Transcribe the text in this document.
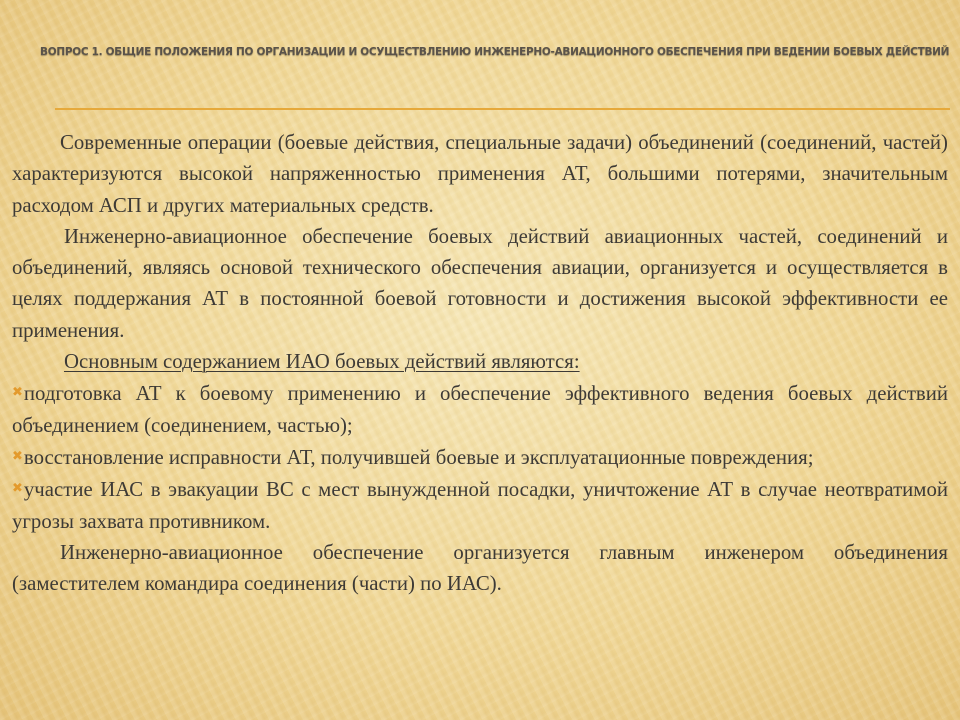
ВОПРОС 1. ОБЩИЕ ПОЛОЖЕНИЯ ПО ОРГАНИЗАЦИИ И ОСУЩЕСТВЛЕНИЮ ИНЖЕНЕРНО-АВИАЦИОННОГО ОБЕСПЕЧЕНИЯ ПРИ ВЕДЕНИИ БОЕВЫХ ДЕЙСТВИЙ

Современные операции (боевые действия, специальные задачи) объединений (соединений, частей) характеризуются высокой напряженностью применения АТ, большими потерями, значительным расходом АСП и других материальных средств.

Инженерно-авиационное обеспечение боевых действий авиационных частей, соединений и объединений, являясь основой технического обеспечения авиации, организуется и осуществляется в целях поддержания АТ в постоянной боевой готовности и достижения высокой эффективности ее применения.

Основным содержанием ИАО боевых действий являются:

✖подготовка АТ к боевому применению и обеспечение эффективного ведения боевых действий объединением (соединением, частью);

✖восстановление исправности АТ, получившей боевые и эксплуатационные повреждения;

✖участие ИАС в эвакуации ВС с мест вынужденной посадки, уничтожение АТ в случае неотвратимой угрозы захвата противником.

Инженерно-авиационное обеспечение организуется главным инженером объединения (заместителем командира соединения (части) по ИАС).
